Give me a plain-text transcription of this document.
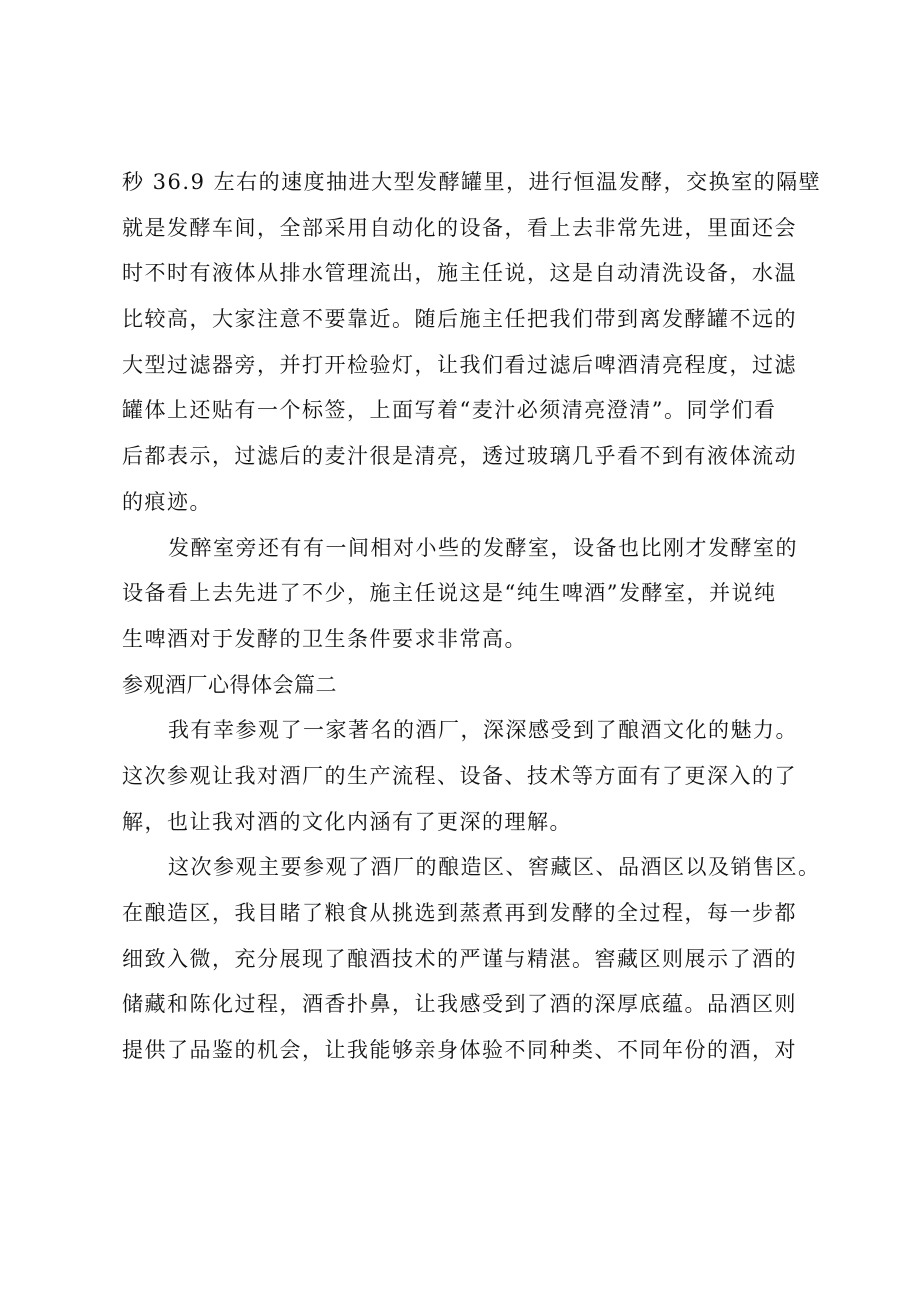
秒 36.9 左右的速度抽进大型发酵罐里，进行恒温发酵，交换室的隔壁
就是发酵车间，全部采用自动化的设备，看上去非常先进，里面还会
时不时有液体从排水管理流出，施主任说，这是自动清洗设备，水温
比较高，大家注意不要靠近。随后施主任把我们带到离发酵罐不远的
大型过滤器旁，并打开检验灯，让我们看过滤后啤酒清亮程度，过滤
罐体上还贴有一个标签，上面写着“麦汁必须清亮澄清”。同学们看
后都表示，过滤后的麦汁很是清亮，透过玻璃几乎看不到有液体流动
的痕迹。
发醉室旁还有有一间相对小些的发酵室，设备也比刚才发酵室的
设备看上去先进了不少，施主任说这是“纯生啤酒”发酵室，并说纯
生啤酒对于发酵的卫生条件要求非常高。
参观酒厂心得体会篇二
我有幸参观了一家著名的酒厂，深深感受到了酿酒文化的魅力。
这次参观让我对酒厂的生产流程、设备、技术等方面有了更深入的了
解，也让我对酒的文化内涵有了更深的理解。
这次参观主要参观了酒厂的酿造区、窖藏区、品酒区以及销售区。
在酿造区，我目睹了粮食从挑选到蒸煮再到发酵的全过程，每一步都
细致入微，充分展现了酿酒技术的严谨与精湛。窖藏区则展示了酒的
储藏和陈化过程，酒香扑鼻，让我感受到了酒的深厚底蕴。品酒区则
提供了品鉴的机会，让我能够亲身体验不同种类、不同年份的酒，对
